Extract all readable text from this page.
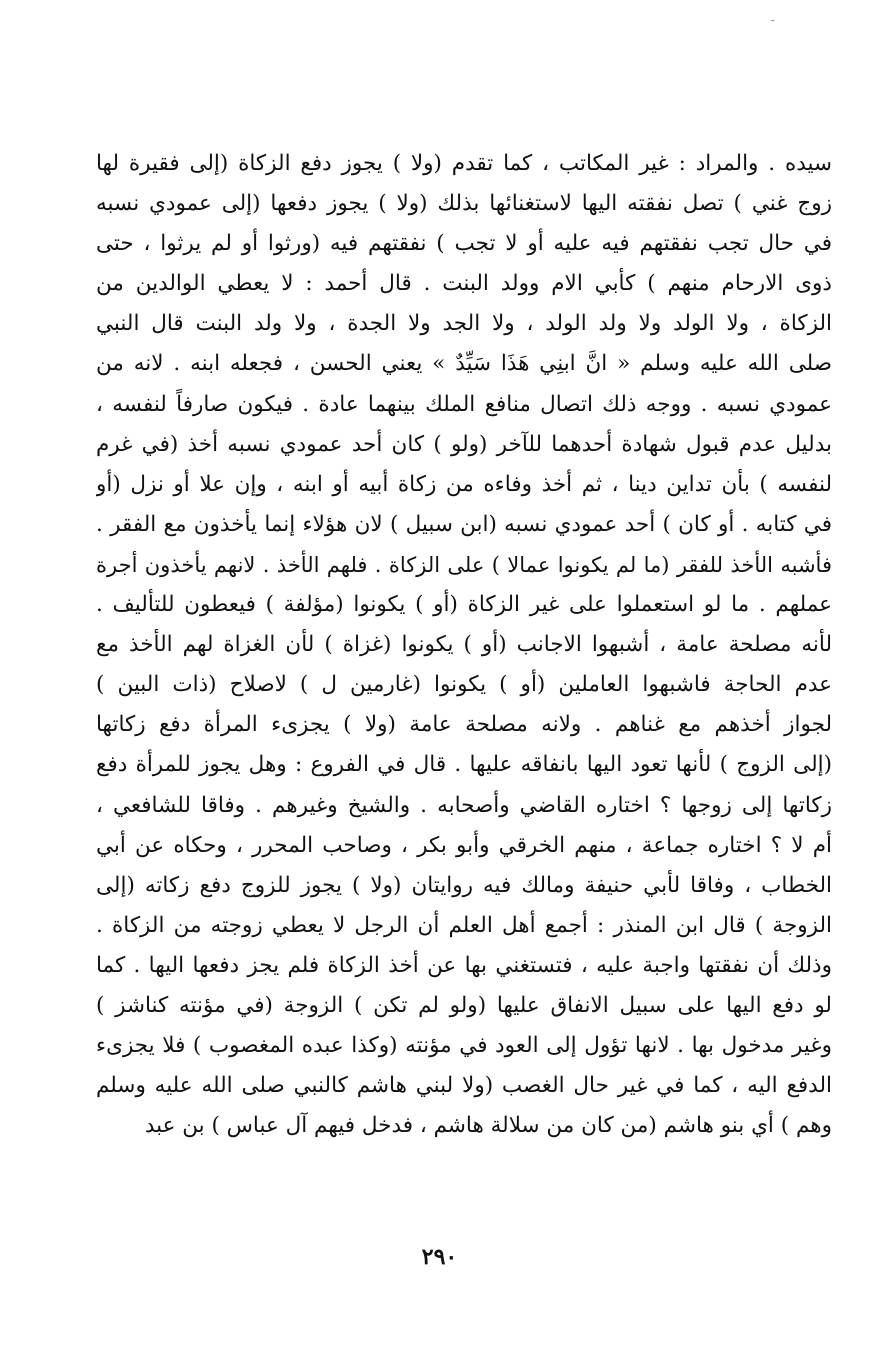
-
سيده . والمراد : غير المكاتب ، كما تقدم (ولا ) يجوز دفع الزكاة (إلى فقيرة لها
زوج غني ) تصل نفقته اليها لاستغنائها بذلك (ولا ) يجوز دفعها (إلى عمودي نسبه
في حال تجب نفقتهم فيه عليه أو لا تجب ) نفقتهم فيه (ورثوا أو لم يرثوا ، حتى
ذوى الارحام منهم ) كأبي الام وولد البنت . قال أحمد : لا يعطي الوالدين من
الزكاة ، ولا الولد ولا ولد الولد ، ولا الجد ولا الجدة ، ولا ولد البنت قال النبي
صلى الله عليه وسلم « انَّ ابنِي هَذَا سَيِّدٌ » يعني الحسن ، فجعله ابنه . لانه من
عمودي نسبه . ووجه ذلك اتصال منافع الملك بينهما عادة . فيكون صارفاً لنفسه ،
بدليل عدم قبول شهادة أحدهما للآخر (ولو ) كان أحد عمودي نسبه أخذ (في غرم
لنفسه ) بأن تداين دينا ، ثم أخذ وفاءه من زكاة أبيه أو ابنه ، وإن علا أو نزل (أو
في كتابه . أو كان ) أحد عمودي نسبه (ابن سبيل ) لان هؤلاء إنما يأخذون مع الفقر .
فأشبه الأخذ للفقر (ما لم يكونوا عمالا ) على الزكاة . فلهم الأخذ . لانهم يأخذون أجرة
عملهم . ما لو استعملوا على غير الزكاة (أو ) يكونوا (مؤلفة ) فيعطون للتأليف .
لأنه مصلحة عامة ، أشبهوا الاجانب (أو ) يكونوا (غزاة ) لأن الغزاة لهم الأخذ مع
عدم الحاجة فاشبهوا العاملين (أو ) يكونوا (غارمين ل ) لاصلاح (ذات البين )
لجواز أخذهم مع غناهم . ولانه مصلحة عامة (ولا ) يجزىء المرأة دفع زكاتها
(إلى الزوج ) لأنها تعود اليها بانفاقه عليها . قال في الفروع : وهل يجوز للمرأة دفع
زكاتها إلى زوجها ؟ اختاره القاضي وأصحابه . والشيخ وغيرهم . وفاقا للشافعي ،
أم لا ؟ اختاره جماعة ، منهم الخرقي وأبو بكر ، وصاحب المحرر ، وحكاه عن أبي
الخطاب ، وفاقا لأبي حنيفة ومالك فيه روايتان (ولا ) يجوز للزوج دفع زكاته (إلى
الزوجة ) قال ابن المنذر : أجمع أهل العلم أن الرجل لا يعطي زوجته من الزكاة .
وذلك أن نفقتها واجبة عليه ، فتستغني بها عن أخذ الزكاة فلم يجز دفعها اليها . كما
لو دفع اليها على سبيل الانفاق عليها (ولو لم تكن ) الزوجة (في مؤنته كناشز )
وغير مدخول بها . لانها تؤول إلى العود في مؤنته (وكذا عبده المغصوب ) فلا يجزىء
الدفع اليه ، كما في غير حال الغصب (ولا لبني هاشم كالنبي صلى الله عليه وسلم
وهم ) أي بنو هاشم (من كان من سلالة هاشم ، فدخل فيهم آل عباس ) بن عبد
٢٩٠
